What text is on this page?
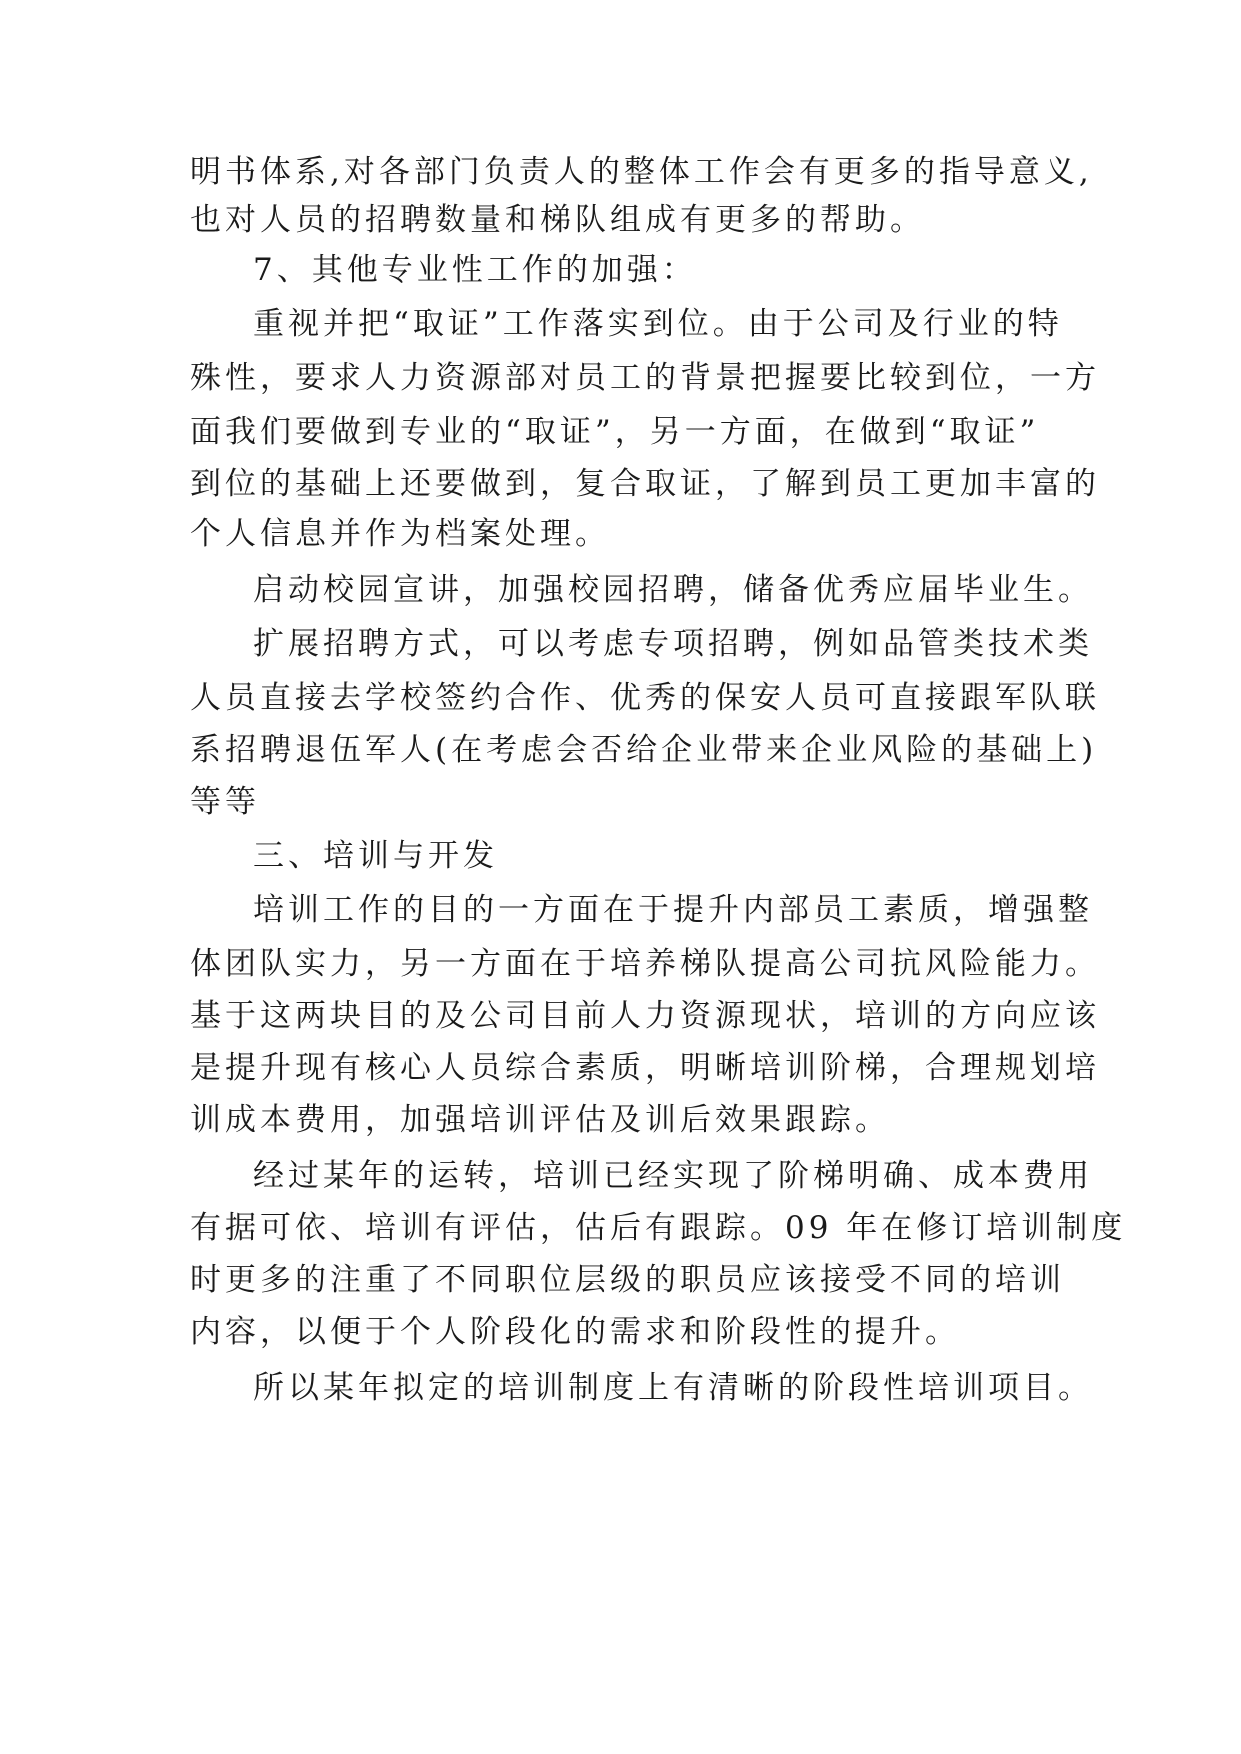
明书体系,对各部门负责人的整体工作会有更多的指导意义,
也对人员的招聘数量和梯队组成有更多的帮助。
7、其他专业性工作的加强：
重视并把“取证”工作落实到位。由于公司及行业的特
殊性，要求人力资源部对员工的背景把握要比较到位，一方
面我们要做到专业的“取证”，另一方面，在做到“取证”
到位的基础上还要做到，复合取证，了解到员工更加丰富的
个人信息并作为档案处理。
启动校园宣讲，加强校园招聘，储备优秀应届毕业生。
扩展招聘方式，可以考虑专项招聘，例如品管类技术类
人员直接去学校签约合作、优秀的保安人员可直接跟军队联
系招聘退伍军人(在考虑会否给企业带来企业风险的基础上)
等等
三、培训与开发
培训工作的目的一方面在于提升内部员工素质，增强整
体团队实力，另一方面在于培养梯队提高公司抗风险能力。
基于这两块目的及公司目前人力资源现状，培训的方向应该
是提升现有核心人员综合素质，明晰培训阶梯，合理规划培
训成本费用，加强培训评估及训后效果跟踪。
经过某年的运转，培训已经实现了阶梯明确、成本费用
有据可依、培训有评估，估后有跟踪。09 年在修订培训制度
时更多的注重了不同职位层级的职员应该接受不同的培训
内容，以便于个人阶段化的需求和阶段性的提升。
所以某年拟定的培训制度上有清晰的阶段性培训项目。
